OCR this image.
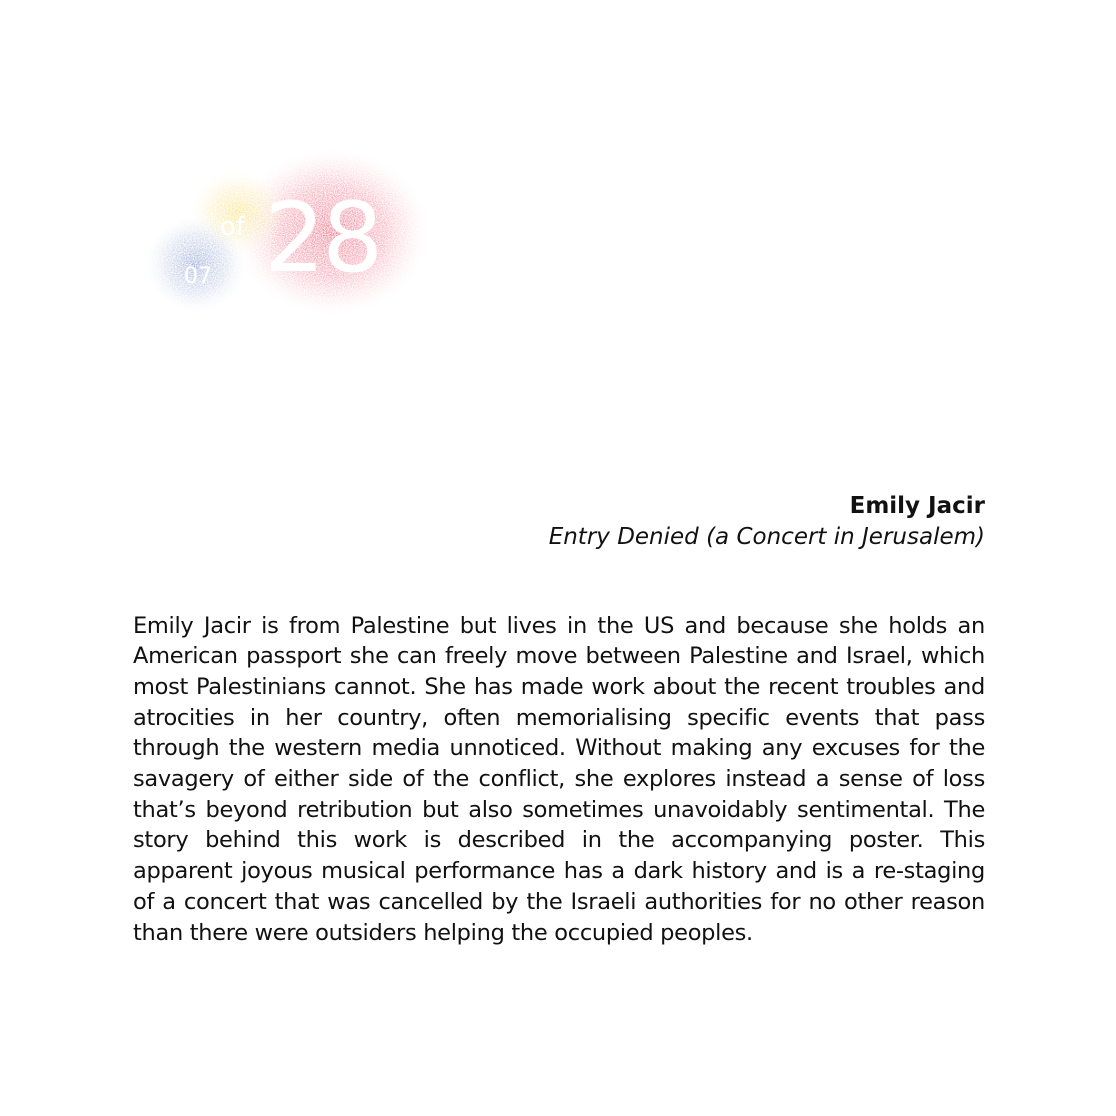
07
of 28
Emily Jacir
Entry Denied (a Concert in Jerusalem)

Emily Jacir is from Palestine but lives in the US and because she holds an American passport she can freely move between Palestine and Israel, which most Palestinians cannot. She has made work about the recent troubles and atrocities in her country, often memorialising specific events that pass through the western media unnoticed. Without making any excuses for the savagery of either side of the conflict, she explores instead a sense of loss that’s beyond retribution but also sometimes unavoidably sentimental. The story behind this work is described in the accompanying poster. This apparent joyous musical performance has a dark history and is a re-staging of a concert that was cancelled by the Israeli authorities for no other reason than there were outsiders helping the occupied peoples.
